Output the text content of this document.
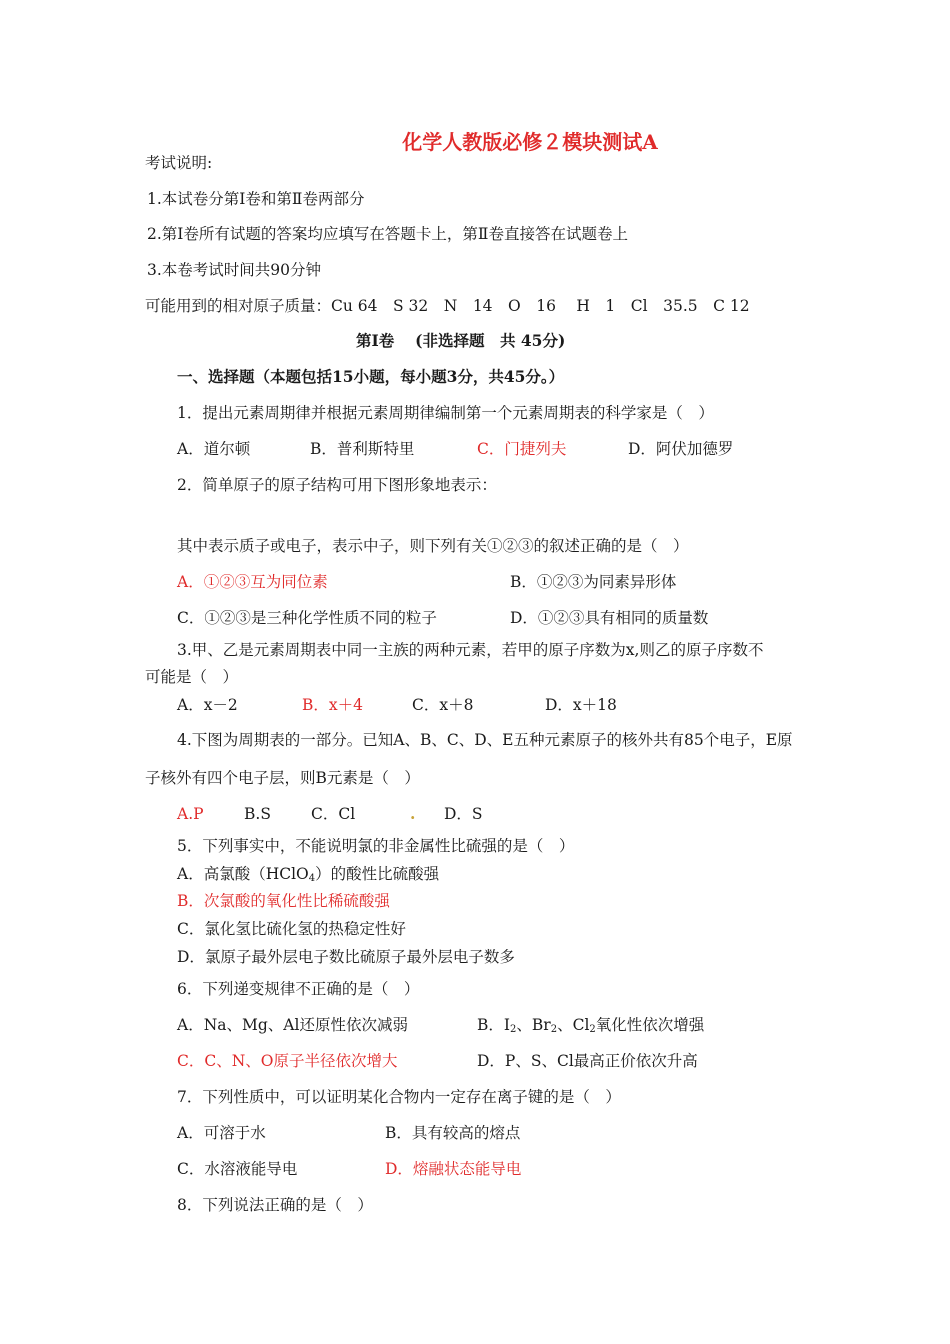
化学人教版必修２模块测试A
考试说明:
1.本试卷分第Ⅰ卷和第Ⅱ卷两部分
2.第Ⅰ卷所有试题的答案均应填写在答题卡上，第Ⅱ卷直接答在试题卷上
3.本卷考试时间共90分钟
可能用到的相对原子质量：Cu 64　S 32　N　14　O　16　 H　1　Cl　35.5　C 12
第Ⅰ卷　 (非选择题　共 45分)
一、选择题（本题包括15小题，每小题3分，共45分。）
1．提出元素周期律并根据元素周期律编制第一个元素周期表的科学家是（　）
A．道尔顿	B．普利斯特里	C．门捷列夫	D．阿伏加德罗
2．简单原子的原子结构可用下图形象地表示：
其中表示质子或电子，表示中子，则下列有关①②③的叙述正确的是（　）
A．①②③互为同位素	B．①②③为同素异形体
C．①②③是三种化学性质不同的粒子	D．①②③具有相同的质量数
3.甲、乙是元素周期表中同一主族的两种元素，若甲的原子序数为x,则乙的原子序数不
可能是（　）
A．x－2	B．x＋4	C．x＋8	D．x＋18
4.下图为周期表的一部分。已知A、B、C、D、E五种元素原子的核外共有85个电子，E原
子核外有四个电子层，则B元素是（　）
A.P	B.S	C．Cl	. D．S
5．下列事实中，不能说明氯的非金属性比硫强的是（　）
A．高氯酸（HClO$_4$）的酸性比硫酸强
B．次氯酸的氧化性比稀硫酸强
C．氯化氢比硫化氢的热稳定性好
D．氯原子最外层电子数比硫原子最外层电子数多
6．下列递变规律不正确的是（　）
A．Na、Mg、Al还原性依次减弱	B．$I_2$、$Br_2$、$Cl_2$氧化性依次增强
C．C、N、O原子半径依次增大	D．P、S、Cl最高正价依次升高
7．下列性质中，可以证明某化合物内一定存在离子键的是（　）
A．可溶于水	B．具有较高的熔点
C．水溶液能导电	D．熔融状态能导电
8．下列说法正确的是（　）
